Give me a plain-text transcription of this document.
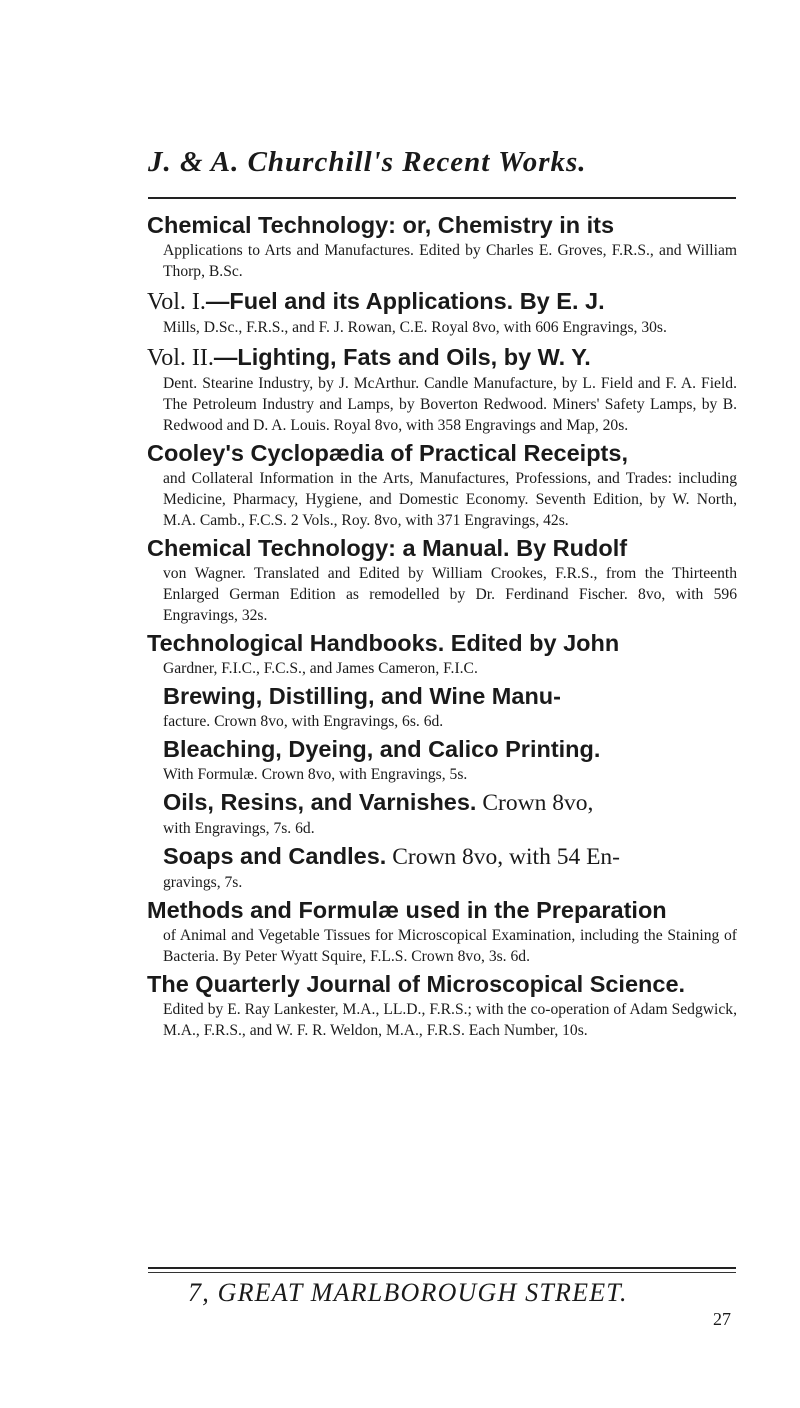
J. & A. Churchill's Recent Works.

Chemical Technology: or, Chemistry in its
Applications to Arts and Manufactures. Edited by Charles E. Groves, F.R.S., and William Thorp, B.Sc.
Vol. I.—Fuel and its Applications. By E. J.
Mills, D.Sc., F.R.S., and F. J. Rowan, C.E. Royal 8vo, with 606 Engravings, 30s.
Vol. II.—Lighting, Fats and Oils, by W. Y.
Dent. Stearine Industry, by J. McArthur. Candle Manufacture, by L. Field and F. A. Field. The Petroleum Industry and Lamps, by Boverton Redwood. Miners' Safety Lamps, by B. Redwood and D. A. Louis. Royal 8vo, with 358 Engravings and Map, 20s.
Cooley's Cyclopædia of Practical Receipts,
and Collateral Information in the Arts, Manufactures, Professions, and Trades: including Medicine, Pharmacy, Hygiene, and Domestic Economy. Seventh Edition, by W. North, M.A. Camb., F.C.S. 2 Vols., Roy. 8vo, with 371 Engravings, 42s.
Chemical Technology: a Manual. By Rudolf
von Wagner. Translated and Edited by William Crookes, F.R.S., from the Thirteenth Enlarged German Edition as remodelled by Dr. Ferdinand Fischer. 8vo, with 596 Engravings, 32s.
Technological Handbooks. Edited by John
Gardner, F.I.C., F.C.S., and James Cameron, F.I.C.
Brewing, Distilling, and Wine Manu-
facture. Crown 8vo, with Engravings, 6s. 6d.
Bleaching, Dyeing, and Calico Printing.
With Formulæ. Crown 8vo, with Engravings, 5s.
Oils, Resins, and Varnishes. Crown 8vo,
with Engravings, 7s. 6d.
Soaps and Candles. Crown 8vo, with 54 En-
gravings, 7s.
Methods and Formulæ used in the Preparation
of Animal and Vegetable Tissues for Microscopical Examination, including the Staining of Bacteria. By Peter Wyatt Squire, F.L.S. Crown 8vo, 3s. 6d.
The Quarterly Journal of Microscopical Science.
Edited by E. Ray Lankester, M.A., LL.D., F.R.S.; with the co-operation of Adam Sedgwick, M.A., F.R.S., and W. F. R. Weldon, M.A., F.R.S. Each Number, 10s.

7, GREAT MARLBOROUGH STREET.

27
